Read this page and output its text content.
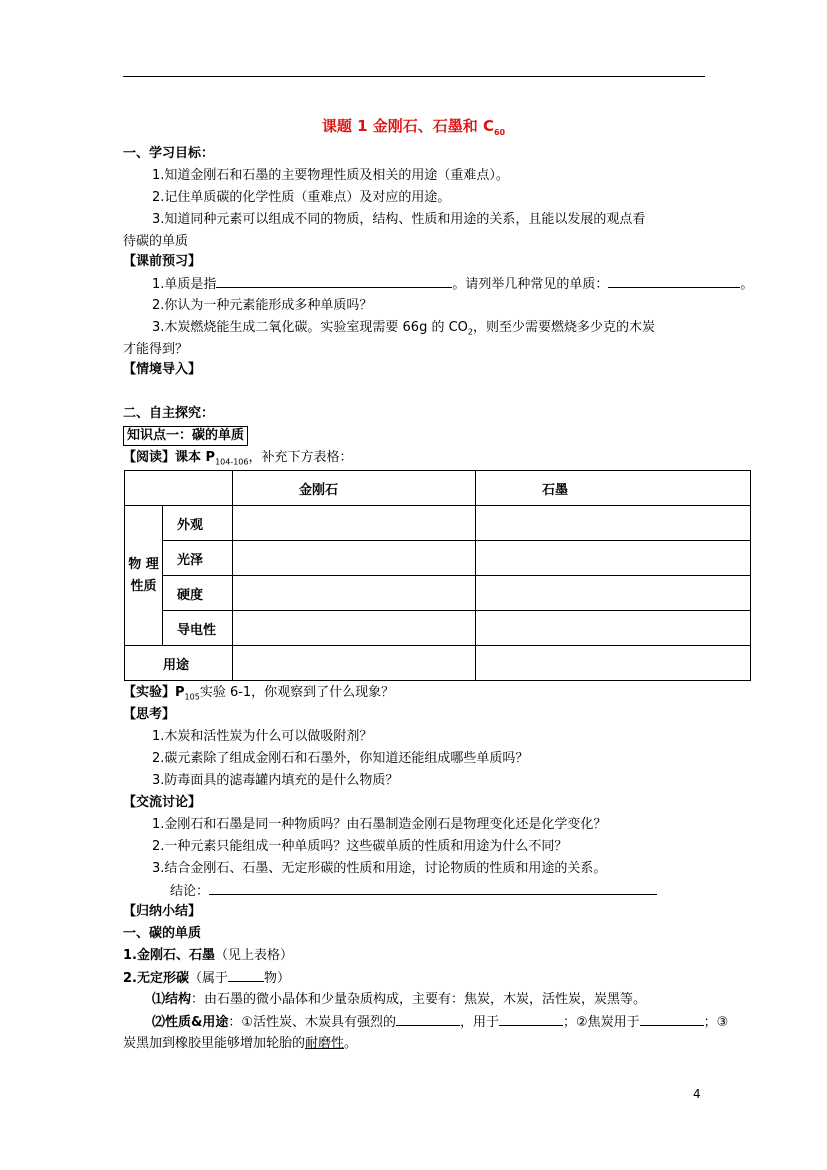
课题 1 金刚石、石墨和 $C_{60}$
一、学习目标：
1.知道金刚石和石墨的主要物理性质及相关的用途（重难点）。
2.记住单质碳的化学性质（重难点）及对应的用途。
3.知道同种元素可以组成不同的物质，结构、性质和用途的关系，且能以发展的观点看
待碳的单质
【课前预习】
1.单质是指	。请列举几种常见的单质：	。
2.你认为一种元素能形成多种单质吗？
3.木炭燃烧能生成二氧化碳。实验室现需要 66g 的 $CO_2$，则至少需要燃烧多少克的木炭
才能得到？
【情境导入】
二、自主探究：
知识点一：碳的单质
【阅读】课本 $P_{104-106}$，补充下方表格：
		金刚石	石墨
物 理
性质	外观		
	光泽		
	硬度		
	导电性		
用途			
【实验】$P_{105}$实验 6-1，你观察到了什么现象？
【思考】
1.木炭和活性炭为什么可以做吸附剂？
2.碳元素除了组成金刚石和石墨外，你知道还能组成哪些单质吗？
3.防毒面具的滤毒罐内填充的是什么物质？
【交流讨论】
1.金刚石和石墨是同一种物质吗？由石墨制造金刚石是物理变化还是化学变化？
2.一种元素只能组成一种单质吗？这些碳单质的性质和用途为什么不同？
3.结合金刚石、石墨、无定形碳的性质和用途，讨论物质的性质和用途的关系。
结论：
【归纳小结】
一、碳的单质
1.金刚石、石墨（见上表格）
2.无定形碳（属于	物）
⑴结构：由石墨的微小晶体和少量杂质构成，主要有：焦炭，木炭，活性炭，炭黑等。
⑵性质&用途：①活性炭、木炭具有强烈的	，用于	；②焦炭用于	；③
炭黑加到橡胶里能够增加轮胎的耐磨性。
4
